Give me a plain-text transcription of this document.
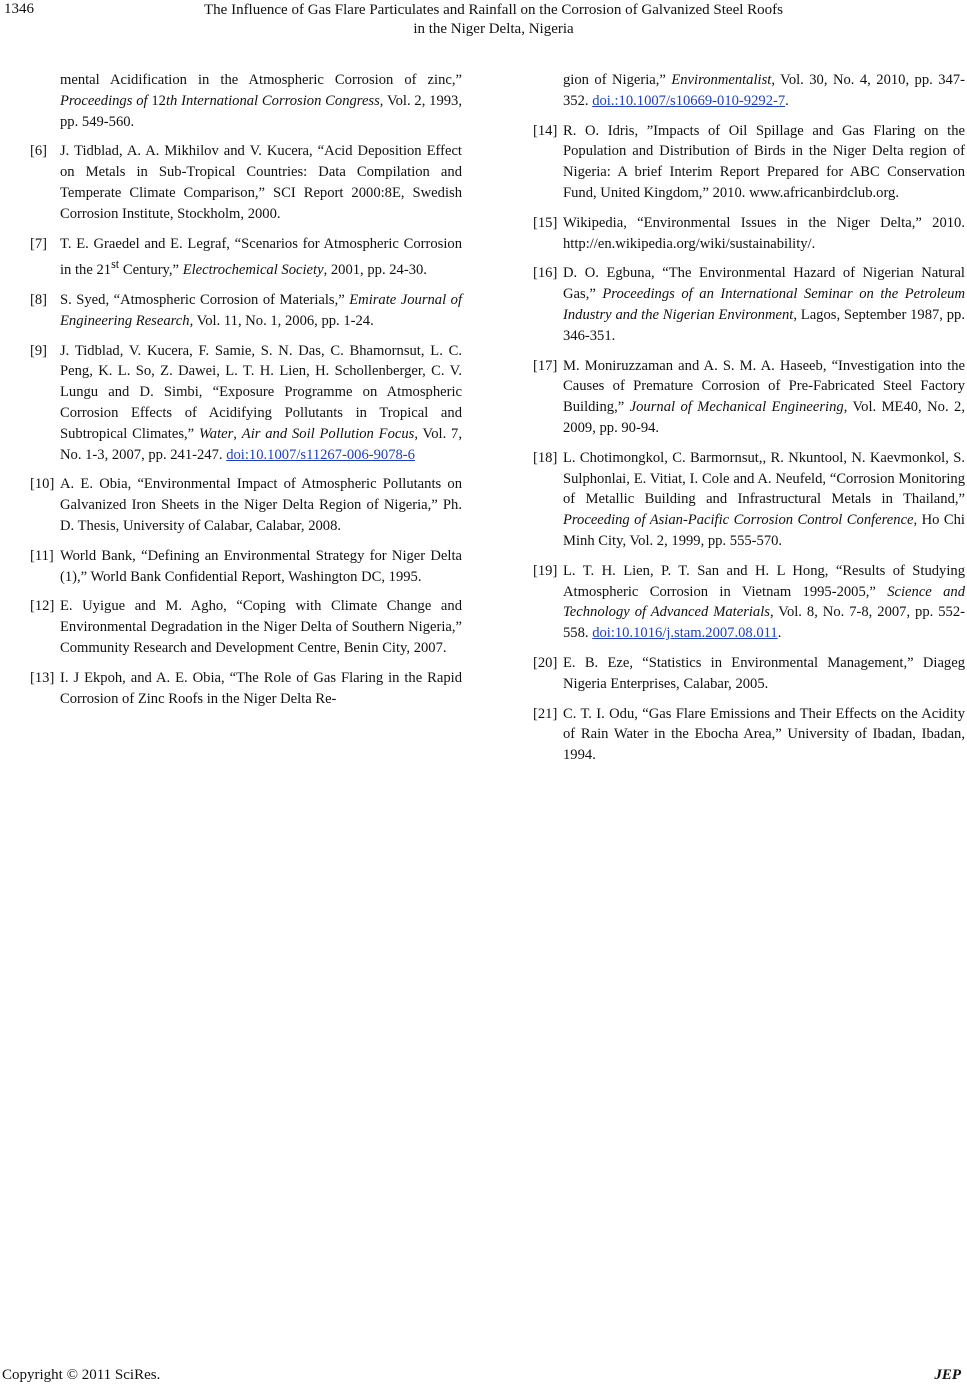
1346	The Influence of Gas Flare Particulates and Rainfall on the Corrosion of Galvanized Steel Roofs
in the Niger Delta, Nigeria
mental Acidification in the Atmospheric Corrosion of zinc,” Proceedings of 12th International Corrosion Congress, Vol. 2, 1993, pp. 549-560.
[6] J. Tidblad, A. A. Mikhilov and V. Kucera, “Acid Deposition Effect on Metals in Sub-Tropical Countries: Data Compilation and Temperate Climate Comparison,” SCI Report 2000:8E, Swedish Corrosion Institute, Stockholm, 2000.
[7] T. E. Graedel and E. Legraf, “Scenarios for Atmospheric Corrosion in the 21st Century,” Electrochemical Society, 2001, pp. 24-30.
[8] S. Syed, “Atmospheric Corrosion of Materials,” Emirate Journal of Engineering Research, Vol. 11, No. 1, 2006, pp. 1-24.
[9] J. Tidblad, V. Kucera, F. Samie, S. N. Das, C. Bhamornsut, L. C. Peng, K. L. So, Z. Dawei, L. T. H. Lien, H. Schollenberger, C. V. Lungu and D. Simbi, “Exposure Programme on Atmospheric Corrosion Effects of Acidifying Pollutants in Tropical and Subtropical Climates,” Water, Air and Soil Pollution Focus, Vol. 7, No. 1-3, 2007, pp. 241-247. doi:10.1007/s11267-006-9078-6
[10] A. E. Obia, “Environmental Impact of Atmospheric Pollutants on Galvanized Iron Sheets in the Niger Delta Region of Nigeria,” Ph. D. Thesis, University of Calabar, Calabar, 2008.
[11] World Bank, “Defining an Environmental Strategy for Niger Delta (1),” World Bank Confidential Report, Washington DC, 1995.
[12] E. Uyigue and M. Agho, “Coping with Climate Change and Environmental Degradation in the Niger Delta of Southern Nigeria,” Community Research and Development Centre, Benin City, 2007.
[13] I. J Ekpoh, and A. E. Obia, “The Role of Gas Flaring in the Rapid Corrosion of Zinc Roofs in the Niger Delta Re-
gion of Nigeria,” Environmentalist, Vol. 30, No. 4, 2010, pp. 347-352. doi.:10.1007/s10669-010-9292-7.
[14] R. O. Idris, ”Impacts of Oil Spillage and Gas Flaring on the Population and Distribution of Birds in the Niger Delta region of Nigeria: A brief Interim Report Prepared for ABC Conservation Fund, United Kingdom,” 2010. www.africanbirdclub.org.
[15] Wikipedia, “Environmental Issues in the Niger Delta,” 2010. http://en.wikipedia.org/wiki/sustainability/.
[16] D. O. Egbuna, “The Environmental Hazard of Nigerian Natural Gas,” Proceedings of an International Seminar on the Petroleum Industry and the Nigerian Environment, Lagos, September 1987, pp. 346-351.
[17] M. Moniruzzaman and A. S. M. A. Haseeb, “Investigation into the Causes of Premature Corrosion of Pre-Fabricated Steel Factory Building,” Journal of Mechanical Engineering, Vol. ME40, No. 2, 2009, pp. 90-94.
[18] L. Chotimongkol, C. Barmornsut,, R. Nkuntool, N. Kaevmonkol, S. Sulphonlai, E. Vitiat, I. Cole and A. Neufeld, “Corrosion Monitoring of Metallic Building and Infrastructural Metals in Thailand,” Proceeding of Asian-Pacific Corrosion Control Conference, Ho Chi Minh City, Vol. 2, 1999, pp. 555-570.
[19] L. T. H. Lien, P. T. San and H. L Hong, “Results of Studying Atmospheric Corrosion in Vietnam 1995-2005,” Science and Technology of Advanced Materials, Vol. 8, No. 7-8, 2007, pp. 552-558. doi:10.1016/j.stam.2007.08.011.
[20] E. B. Eze, “Statistics in Environmental Management,” Diageg Nigeria Enterprises, Calabar, 2005.
[21] C. T. I. Odu, “Gas Flare Emissions and Their Effects on the Acidity of Rain Water in the Ebocha Area,” University of Ibadan, Ibadan, 1994.
Copyright © 2011 SciRes.	JEP
